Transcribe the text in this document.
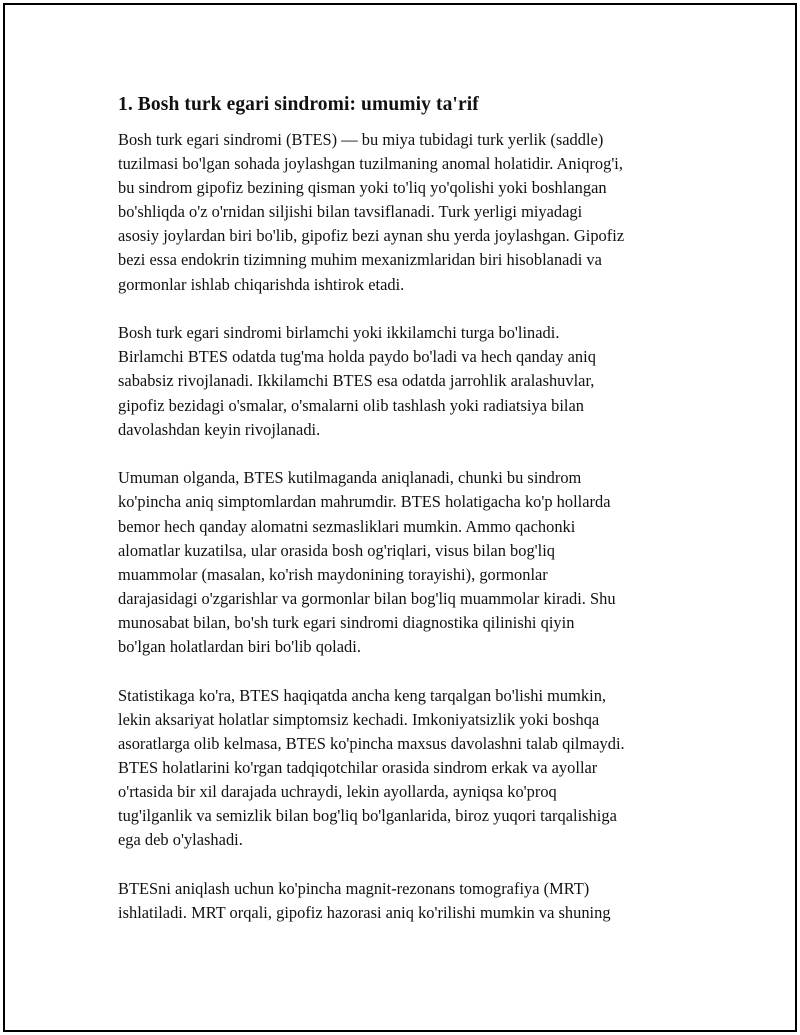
1. Bosh turk egari sindromi: umumiy ta'rif

Bosh turk egari sindromi (BTES) — bu miya tubidagi turk yerlik (saddle)
tuzilmasi bo'lgan sohada joylashgan tuzilmaning anomal holatidir. Aniqrog'i,
bu sindrom gipofiz bezining qisman yoki to'liq yo'qolishi yoki boshlangan
bo'shliqda o'z o'rnidan siljishi bilan tavsiflanadi. Turk yerligi miyadagi
asosiy joylardan biri bo'lib, gipofiz bezi aynan shu yerda joylashgan. Gipofiz
bezi essa endokrin tizimning muhim mexanizmlaridan biri hisoblanadi va
gormonlar ishlab chiqarishda ishtirok etadi.

Bosh turk egari sindromi birlamchi yoki ikkilamchi turga bo'linadi.
Birlamchi BTES odatda tug'ma holda paydo bo'ladi va hech qanday aniq
sababsiz rivojlanadi. Ikkilamchi BTES esa odatda jarrohlik aralashuvlar,
gipofiz bezidagi o'smalar, o'smalarni olib tashlash yoki radiatsiya bilan
davolashdan keyin rivojlanadi.

Umuman olganda, BTES kutilmaganda aniqlanadi, chunki bu sindrom
ko'pincha aniq simptomlardan mahrumdir. BTES holatigacha ko'p hollarda
bemor hech qanday alomatni sezmasliklari mumkin. Ammo qachonki
alomatlar kuzatilsa, ular orasida bosh og'riqlari, visus bilan bog'liq
muammolar (masalan, ko'rish maydonining torayishi), gormonlar
darajasidagi o'zgarishlar va gormonlar bilan bog'liq muammolar kiradi. Shu
munosabat bilan, bo'sh turk egari sindromi diagnostika qilinishi qiyin
bo'lgan holatlardan biri bo'lib qoladi.

Statistikaga ko'ra, BTES haqiqatda ancha keng tarqalgan bo'lishi mumkin,
lekin aksariyat holatlar simptomsiz kechadi. Imkoniyatsizlik yoki boshqa
asoratlarga olib kelmasa, BTES ko'pincha maxsus davolashni talab qilmaydi.
BTES holatlarini ko'rgan tadqiqotchilar orasida sindrom erkak va ayollar
o'rtasida bir xil darajada uchraydi, lekin ayollarda, ayniqsa ko'proq
tug'ilganlik va semizlik bilan bog'liq bo'lganlarida, biroz yuqori tarqalishiga
ega deb o'ylashadi.

BTESni aniqlash uchun ko'pincha magnit-rezonans tomografiya (MRT)
ishlatiladi. MRT orqali, gipofiz hazorasi aniq ko'rilishi mumkin va shuning
